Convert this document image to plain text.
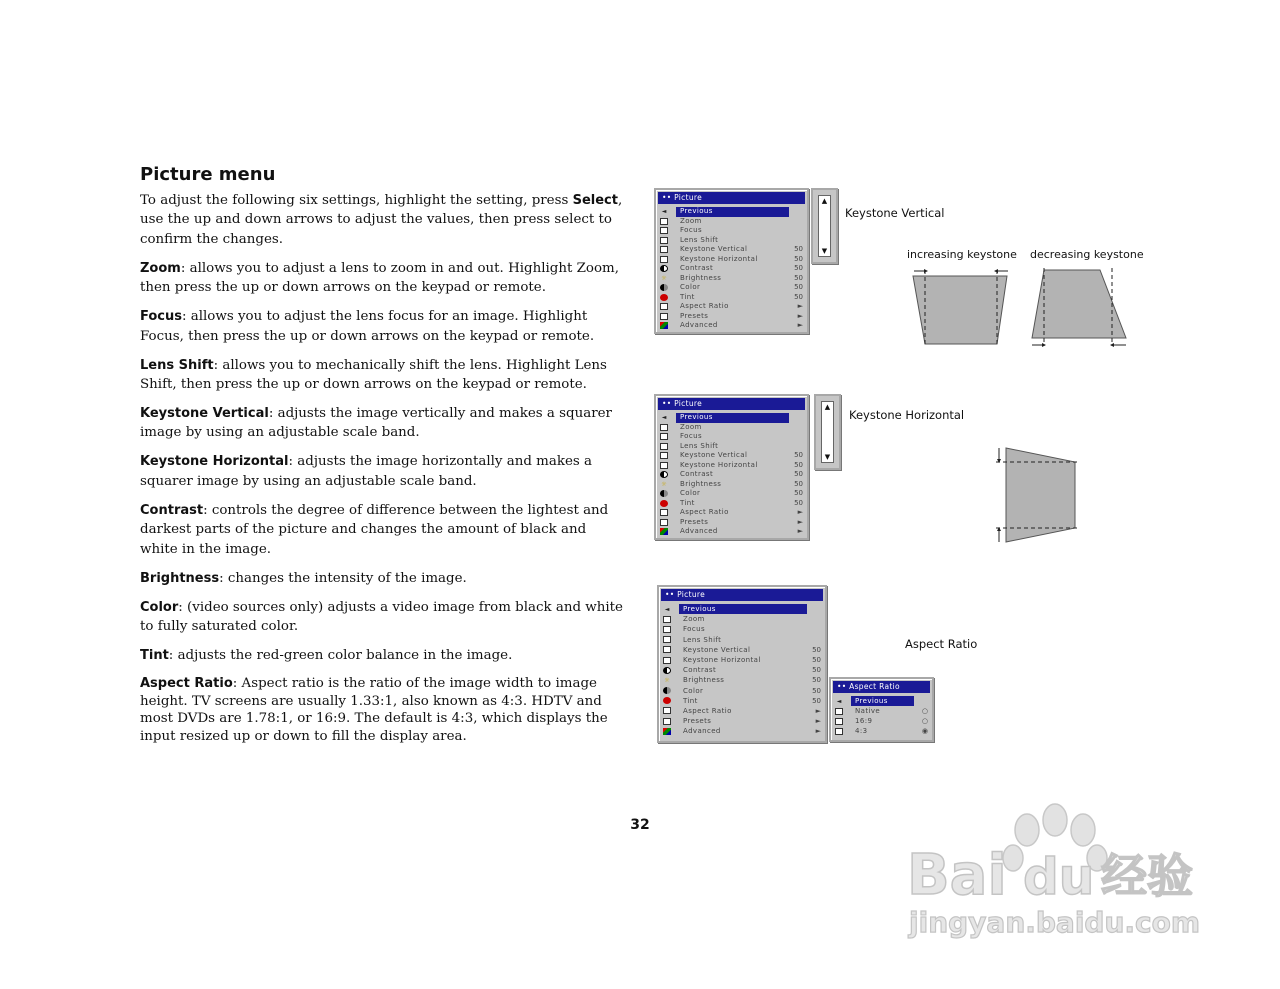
Picture menu

To adjust the following six settings, highlight the setting, press Select, use the up and down arrows to adjust the values, then press select to confirm the changes.

Zoom: allows you to adjust a lens to zoom in and out. Highlight Zoom, then press the up or down arrows on the keypad or remote.

Focus: allows you to adjust the lens focus for an image. Highlight Focus, then press the up or down arrows on the keypad or remote.

Lens Shift: allows you to mechanically shift the lens. Highlight Lens Shift, then press the up or down arrows on the keypad or remote.

Keystone Vertical: adjusts the image vertically and makes a squarer image by using an adjustable scale band.

Keystone Horizontal: adjusts the image horizontally and makes a squarer image by using an adjustable scale band.

Contrast: controls the degree of difference between the lightest and darkest parts of the picture and changes the amount of black and white in the image.

Brightness: changes the intensity of the image.

Color: (video sources only) adjusts a video image from black and white to fully saturated color.

Tint: adjusts the red-green color balance in the image.

Aspect Ratio: Aspect ratio is the ratio of the image width to image height. TV screens are usually 1.33:1, also known as 4:3. HDTV and most DVDs are 1.78:1, or 16:9. The default is 4:3, which displays the input resized up or down to fill the display area.

•• Picture
◄	Previous
Zoom
Focus
Lens Shift
Keystone Vertical	50
Keystone Horizontal	50
Contrast	50
☼ Brightness	50
Color	50
Tint	50
Aspect Ratio	►
Presets	►
Advanced	►
▲
▼
•• Picture
◄	Previous
Zoom
Focus
Lens Shift
Keystone Vertical	50
Keystone Horizontal	50
Contrast	50
☼ Brightness	50
Color	50
Tint	50
Aspect Ratio	►
Presets	►
Advanced	►
▲
▼
•• Picture
◄	Previous
Zoom
Focus
Lens Shift
Keystone Vertical	50
Keystone Horizontal	50
Contrast	50
☼ Brightness	50
Color	50
Tint	50
Aspect Ratio	►
Presets	►
Advanced	►
•• Aspect Ratio
◄	Previous
Native	○
16:9	○
4:3	◉
Keystone Vertical
increasing keystone decreasing keystone
Keystone Horizontal
Aspect Ratio
32
Bai du 经验
jingyan.baidu.com
